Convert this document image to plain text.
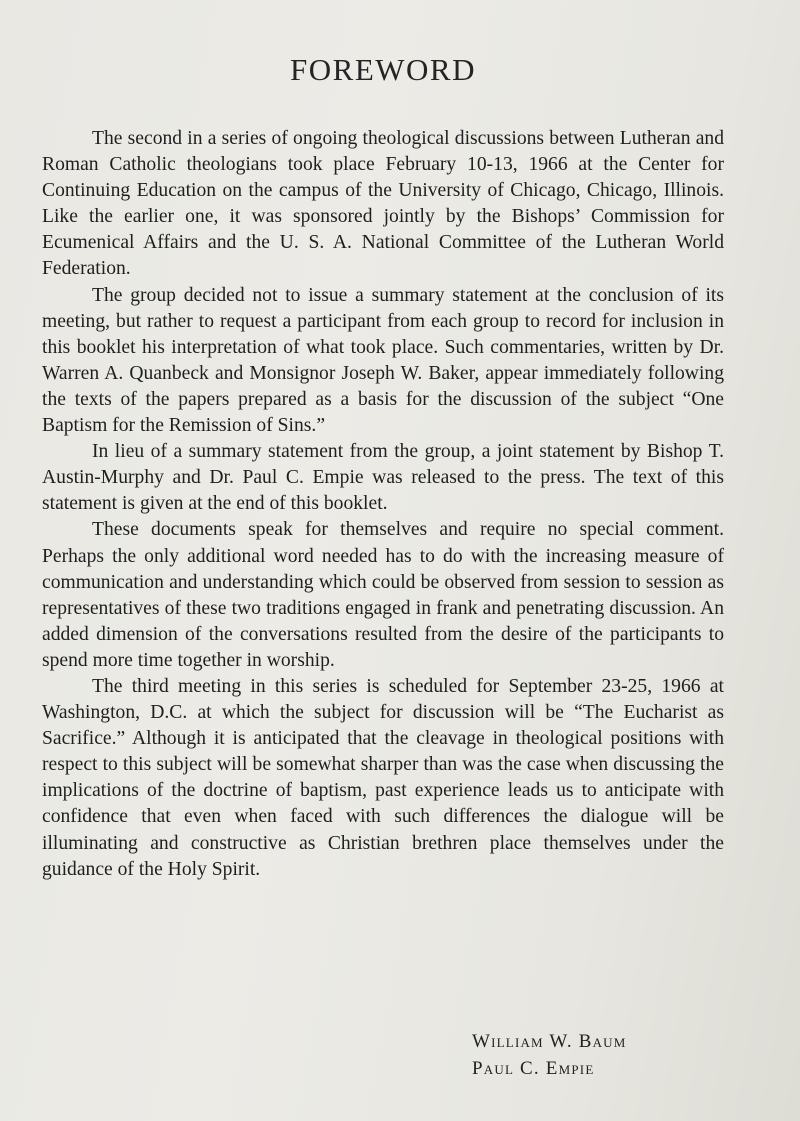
FOREWORD

The second in a series of ongoing theological discussions between Lutheran and Roman Catholic theologians took place February 10-13, 1966 at the Center for Continuing Education on the campus of the University of Chicago, Chicago, Illinois. Like the earlier one, it was sponsored jointly by the Bishops’ Commission for Ecumenical Affairs and the U. S. A. National Committee of the Lutheran World Federation.

The group decided not to issue a summary statement at the conclusion of its meeting, but rather to request a participant from each group to record for inclusion in this booklet his interpretation of what took place. Such commentaries, written by Dr. Warren A. Quanbeck and Monsignor Joseph W. Baker, appear immediately following the texts of the papers prepared as a basis for the discussion of the subject “One Baptism for the Remission of Sins.”

In lieu of a summary statement from the group, a joint statement by Bishop T. Austin-Murphy and Dr. Paul C. Empie was released to the press. The text of this statement is given at the end of this booklet.

These documents speak for themselves and require no special comment. Perhaps the only additional word needed has to do with the increasing measure of communication and understanding which could be observed from session to session as representatives of these two traditions engaged in frank and penetrating discussion. An added dimension of the conversations resulted from the desire of the participants to spend more time together in worship.

The third meeting in this series is scheduled for September 23-25, 1966 at Washington, D.C. at which the subject for discussion will be “The Eucharist as Sacrifice.” Although it is anticipated that the cleavage in theological positions with respect to this subject will be somewhat sharper than was the case when discussing the implications of the doctrine of baptism, past experience leads us to anticipate with confidence that even when faced with such differences the dialogue will be illuminating and constructive as Christian brethren place themselves under the guidance of the Holy Spirit.

William W. Baum
Paul C. Empie
